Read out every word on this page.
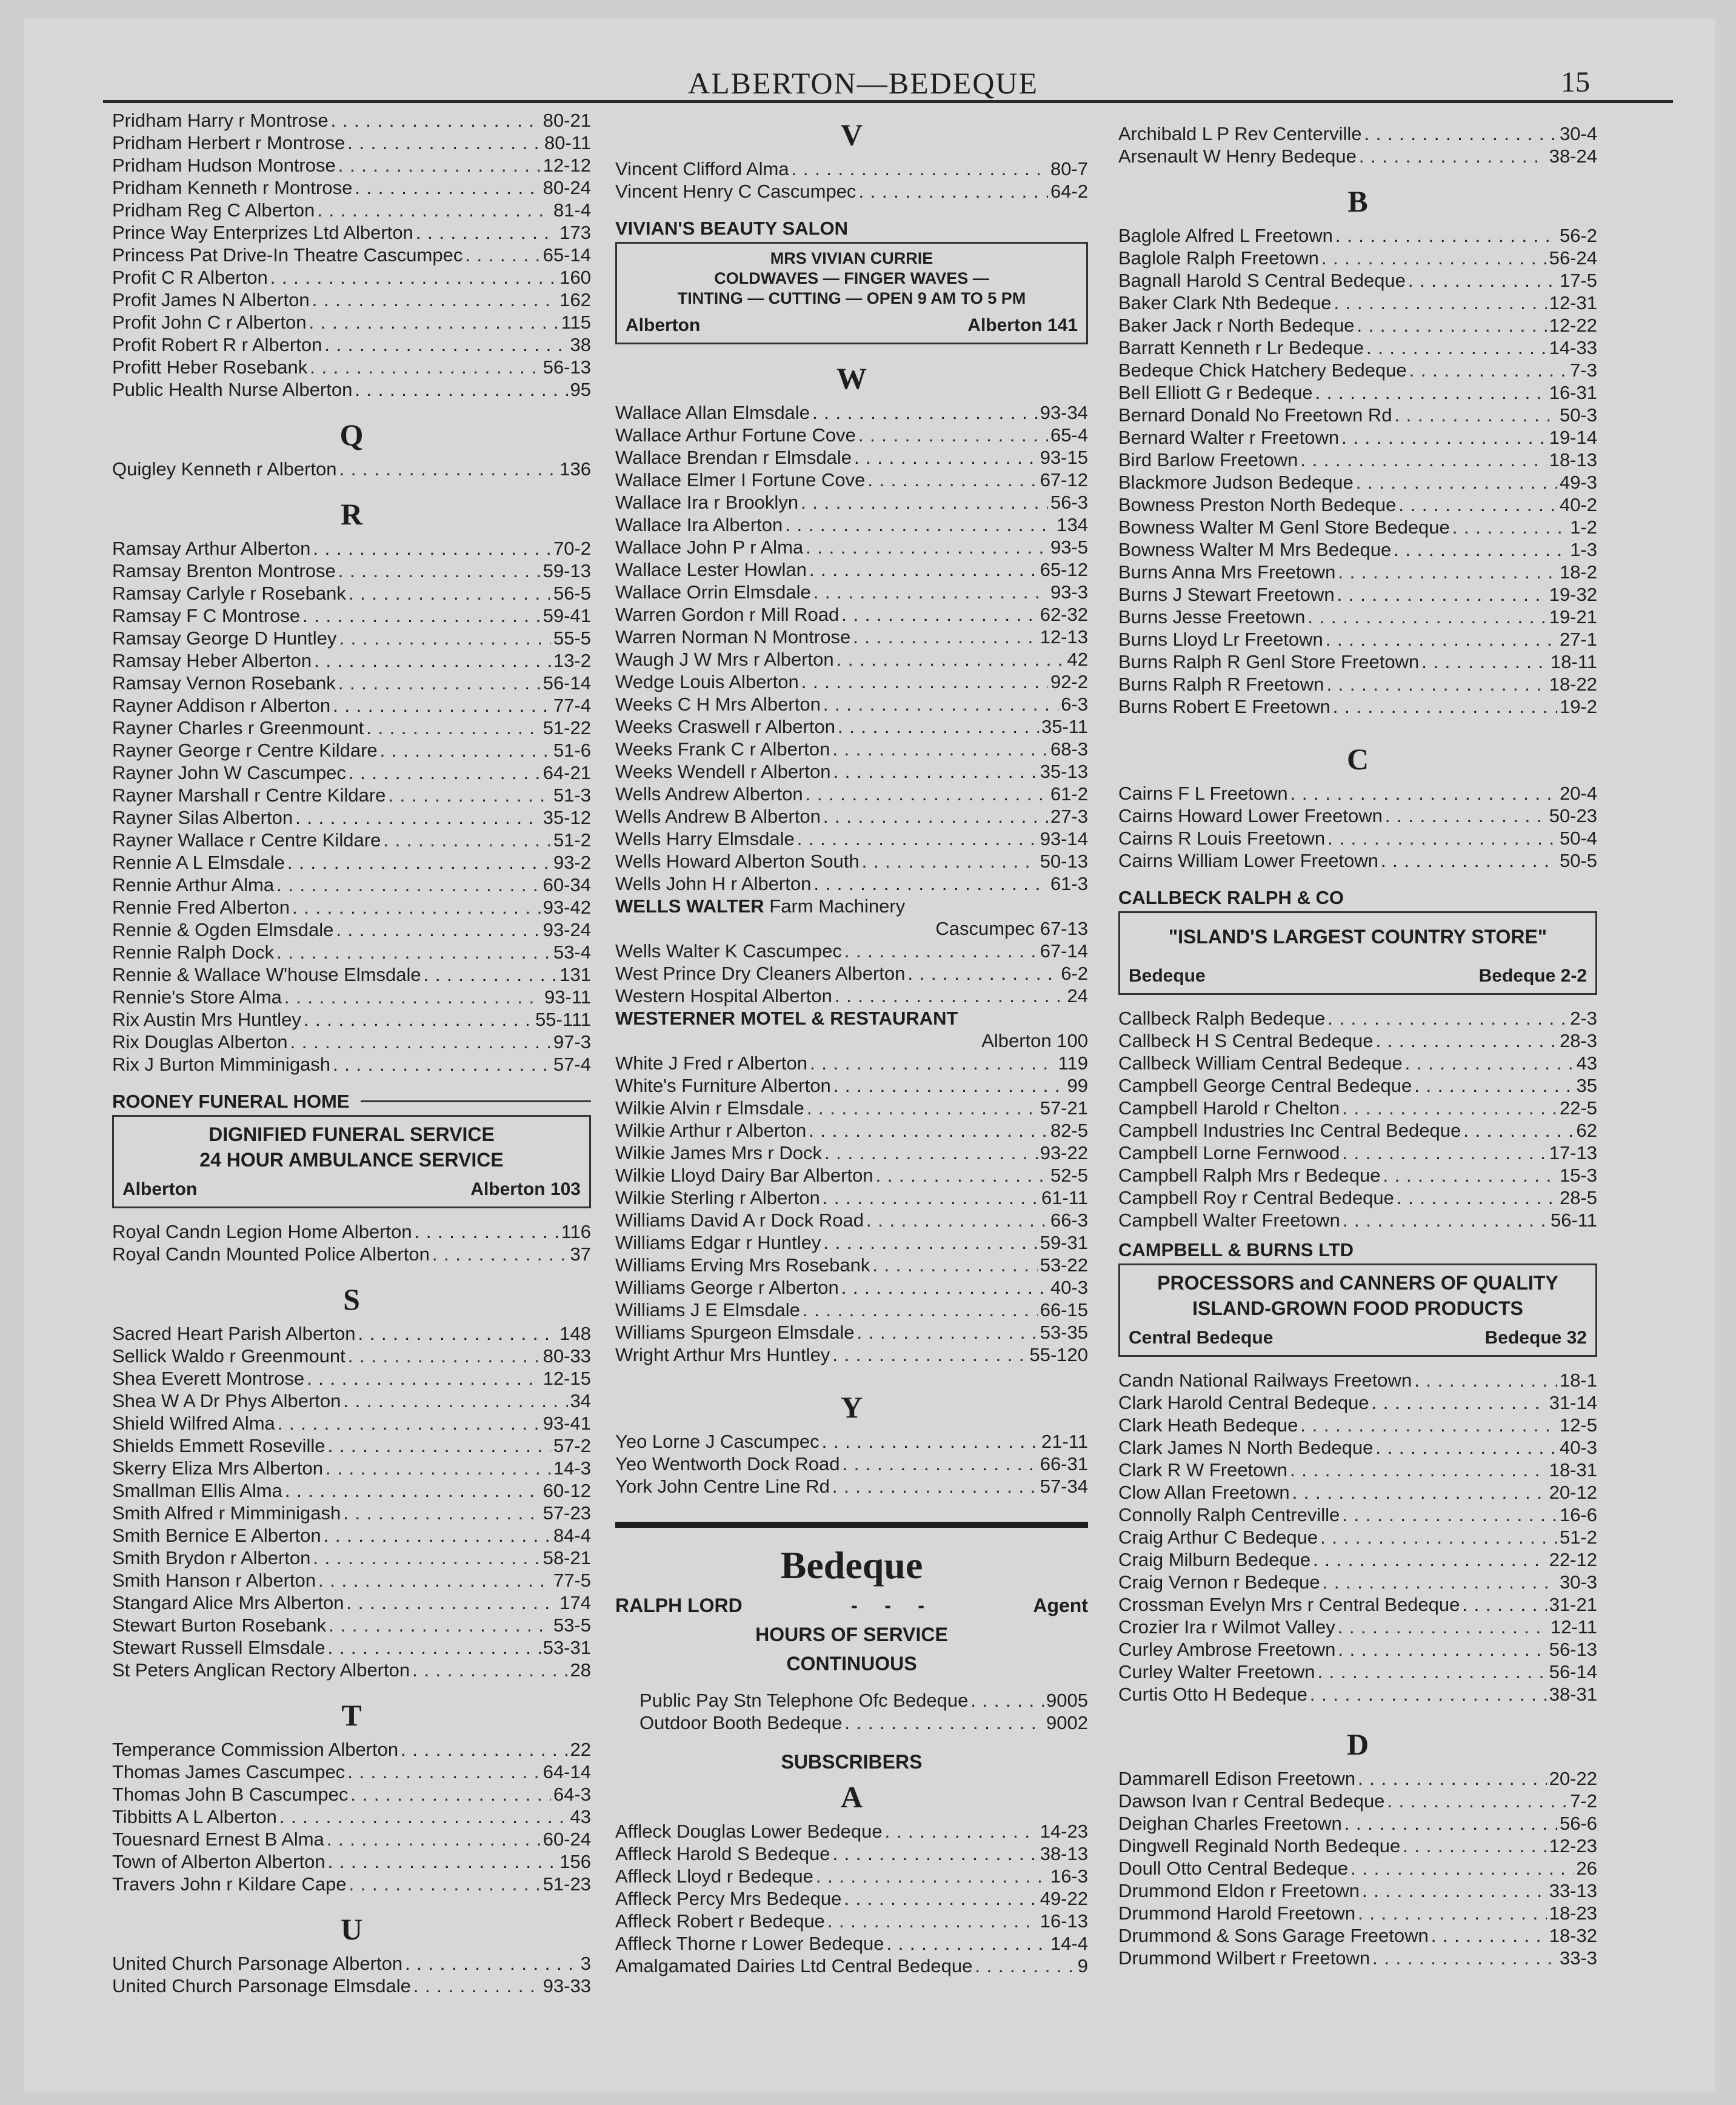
ALBERTON—BEDEQUE	15
Pridham Harry r Montrose . . .	80-21
Pridham Herbert r Montrose . . .	80-11
Pridham Hudson Montrose . . .	12-12
Pridham Kenneth r Montrose . . .	80-24
Pridham Reg C Alberton . . .	81-4
Prince Way Enterprizes Ltd Alberton . . .	173
Princess Pat Drive-In Theatre Cascumpec . . .	65-14
Profit C R Alberton . . .	160
Profit James N Alberton . . .	162
Profit John C r Alberton . . .	115
Profit Robert R r Alberton . . .	38
Profitt Heber Rosebank . . .	56-13
Public Health Nurse Alberton . . .	95
Q
Quigley Kenneth r Alberton . . .	136
R
Ramsay Arthur Alberton . . .	70-2
Ramsay Brenton Montrose . . .	59-13
Ramsay Carlyle r Rosebank . . .	56-5
Ramsay F C Montrose . . .	59-41
Ramsay George D Huntley . . .	55-5
Ramsay Heber Alberton . . .	13-2
Ramsay Vernon Rosebank . . .	56-14
Rayner Addison r Alberton . . .	77-4
Rayner Charles r Greenmount . . .	51-22
Rayner George r Centre Kildare . . .	51-6
Rayner John W Cascumpec . . .	64-21
Rayner Marshall r Centre Kildare . . .	51-3
Rayner Silas Alberton . . .	35-12
Rayner Wallace r Centre Kildare . . .	51-2
Rennie A L Elmsdale . . .	93-2
Rennie Arthur Alma . . .	60-34
Rennie Fred Alberton . . .	93-42
Rennie & Ogden Elmsdale . . .	93-24
Rennie Ralph Dock . . .	53-4
Rennie & Wallace W'house Elmsdale . . .	131
Rennie's Store Alma . . .	93-11
Rix Austin Mrs Huntley . . .	55-111
Rix Douglas Alberton . . .	97-3
Rix J Burton Mimminigash . . .	57-4
ROONEY FUNERAL HOME
DIGNIFIED FUNERAL SERVICE
24 HOUR AMBULANCE SERVICE
Alberton	Alberton 103
Royal Candn Legion Home Alberton . . .	116
Royal Candn Mounted Police Alberton . . .	37
S
Sacred Heart Parish Alberton . . .	148
Sellick Waldo r Greenmount . . .	80-33
Shea Everett Montrose . . .	12-15
Shea W A Dr Phys Alberton . . .	34
Shield Wilfred Alma . . .	93-41
Shields Emmett Roseville . . .	57-2
Skerry Eliza Mrs Alberton . . .	14-3
Smallman Ellis Alma . . .	60-12
Smith Alfred r Mimminigash . . .	57-23
Smith Bernice E Alberton . . .	84-4
Smith Brydon r Alberton . . .	58-21
Smith Hanson r Alberton . . .	77-5
Stangard Alice Mrs Alberton . . .	174
Stewart Burton Rosebank . . .	53-5
Stewart Russell Elmsdale . . .	53-31
St Peters Anglican Rectory Alberton . . .	28
T
Temperance Commission Alberton . . .	22
Thomas James Cascumpec . . .	64-14
Thomas John B Cascumpec . . .	64-3
Tibbitts A L Alberton . . .	43
Touesnard Ernest B Alma . . .	60-24
Town of Alberton Alberton . . .	156
Travers John r Kildare Cape . . .	51-23
U
United Church Parsonage Alberton . . .	3
United Church Parsonage Elmsdale . . .	93-33
V
Vincent Clifford Alma . . .	80-7
Vincent Henry C Cascumpec . . .	64-2
VIVIAN'S BEAUTY SALON
MRS VIVIAN CURRIE
COLDWAVES — FINGER WAVES —
TINTING — CUTTING — OPEN 9 AM TO 5 PM
Alberton	Alberton 141
W
Wallace Allan Elmsdale . . .	93-34
Wallace Arthur Fortune Cove . . .	65-4
Wallace Brendan r Elmsdale . . .	93-15
Wallace Elmer I Fortune Cove . . .	67-12
Wallace Ira r Brooklyn . . .	56-3
Wallace Ira Alberton . . .	134
Wallace John P r Alma . . .	93-5
Wallace Lester Howlan . . .	65-12
Wallace Orrin Elmsdale . . .	93-3
Warren Gordon r Mill Road . . .	62-32
Warren Norman N Montrose . . .	12-13
Waugh J W Mrs r Alberton . . .	42
Wedge Louis Alberton . . .	92-2
Weeks C H Mrs Alberton . . .	6-3
Weeks Craswell r Alberton . . .	35-11
Weeks Frank C r Alberton . . .	68-3
Weeks Wendell r Alberton . . .	35-13
Wells Andrew Alberton . . .	61-2
Wells Andrew B Alberton . . .	27-3
Wells Harry Elmsdale . . .	93-14
Wells Howard Alberton South . . .	50-13
Wells John H r Alberton . . .	61-3
WELLS WALTER Farm Machinery
Cascumpec 67-13
Wells Walter K Cascumpec . . .	67-14
West Prince Dry Cleaners Alberton . . .	6-2
Western Hospital Alberton . . .	24
WESTERNER MOTEL & RESTAURANT
Alberton 100
White J Fred r Alberton . . .	119
White's Furniture Alberton . . .	99
Wilkie Alvin r Elmsdale . . .	57-21
Wilkie Arthur r Alberton . . .	82-5
Wilkie James Mrs r Dock . . .	93-22
Wilkie Lloyd Dairy Bar Alberton . . .	52-5
Wilkie Sterling r Alberton . . .	61-11
Williams David A r Dock Road . . .	66-3
Williams Edgar r Huntley . . .	59-31
Williams Erving Mrs Rosebank . . .	53-22
Williams George r Alberton . . .	40-3
Williams J E Elmsdale . . .	66-15
Williams Spurgeon Elmsdale . . .	53-35
Wright Arthur Mrs Huntley . . .	55-120
Y
Yeo Lorne J Cascumpec . . .	21-11
Yeo Wentworth Dock Road . . .	66-31
York John Centre Line Rd . . .	57-34
Bedeque
RALPH LORD	-     -     -	Agent
HOURS OF SERVICE
CONTINUOUS
Public Pay Stn Telephone Ofc Bedeque . . .	9005
Outdoor Booth Bedeque . . .	9002
SUBSCRIBERS
A
Affleck Douglas Lower Bedeque . . .	14-23
Affleck Harold S Bedeque . . .	38-13
Affleck Lloyd r Bedeque . . .	16-3
Affleck Percy Mrs Bedeque . . .	49-22
Affleck Robert r Bedeque . . .	16-13
Affleck Thorne r Lower Bedeque . . .	14-4
Amalgamated Dairies Ltd Central Bedeque . . .	9
Archibald L P Rev Centerville . . .	30-4
Arsenault W Henry Bedeque . . .	38-24
B
Baglole Alfred L Freetown . . .	56-2
Baglole Ralph Freetown . . .	56-24
Bagnall Harold S Central Bedeque . . .	17-5
Baker Clark Nth Bedeque . . .	12-31
Baker Jack r North Bedeque . . .	12-22
Barratt Kenneth r Lr Bedeque . . .	14-33
Bedeque Chick Hatchery Bedeque . . .	7-3
Bell Elliott G r Bedeque . . .	16-31
Bernard Donald No Freetown Rd . . .	50-3
Bernard Walter r Freetown . . .	19-14
Bird Barlow Freetown . . .	18-13
Blackmore Judson Bedeque . . .	49-3
Bowness Preston North Bedeque . . .	40-2
Bowness Walter M Genl Store Bedeque . . .	1-2
Bowness Walter M Mrs Bedeque . . .	1-3
Burns Anna Mrs Freetown . . .	18-2
Burns J Stewart Freetown . . .	19-32
Burns Jesse Freetown . . .	19-21
Burns Lloyd Lr Freetown . . .	27-1
Burns Ralph R Genl Store Freetown . . .	18-11
Burns Ralph R Freetown . . .	18-22
Burns Robert E Freetown . . .	19-2
C
Cairns F L Freetown . . .	20-4
Cairns Howard Lower Freetown . . .	50-23
Cairns R Louis Freetown . . .	50-4
Cairns William Lower Freetown . . .	50-5
CALLBECK RALPH & CO
"ISLAND'S LARGEST COUNTRY STORE"
Bedeque	Bedeque 2-2
Callbeck Ralph Bedeque . . .	2-3
Callbeck H S Central Bedeque . . .	28-3
Callbeck William Central Bedeque . . .	43
Campbell George Central Bedeque . . .	35
Campbell Harold r Chelton . . .	22-5
Campbell Industries Inc Central Bedeque . . .	62
Campbell Lorne Fernwood . . .	17-13
Campbell Ralph Mrs r Bedeque . . .	15-3
Campbell Roy r Central Bedeque . . .	28-5
Campbell Walter Freetown . . .	56-11
CAMPBELL & BURNS LTD
PROCESSORS and CANNERS OF QUALITY
ISLAND-GROWN FOOD PRODUCTS
Central Bedeque	Bedeque 32
Candn National Railways Freetown . . .	18-1
Clark Harold Central Bedeque . . .	31-14
Clark Heath Bedeque . . .	12-5
Clark James N North Bedeque . . .	40-3
Clark R W Freetown . . .	18-31
Clow Allan Freetown . . .	20-12
Connolly Ralph Centreville . . .	16-6
Craig Arthur C Bedeque . . .	51-2
Craig Milburn Bedeque . . .	22-12
Craig Vernon r Bedeque . . .	30-3
Crossman Evelyn Mrs r Central Bedeque . . .	31-21
Crozier Ira r Wilmot Valley . . .	12-11
Curley Ambrose Freetown . . .	56-13
Curley Walter Freetown . . .	56-14
Curtis Otto H Bedeque . . .	38-31
D
Dammarell Edison Freetown . . .	20-22
Dawson Ivan r Central Bedeque . . .	7-2
Deighan Charles Freetown . . .	56-6
Dingwell Reginald North Bedeque . . .	12-23
Doull Otto Central Bedeque . . .	26
Drummond Eldon r Freetown . . .	33-13
Drummond Harold Freetown . . .	18-23
Drummond & Sons Garage Freetown . . .	18-32
Drummond Wilbert r Freetown . . .	33-3
